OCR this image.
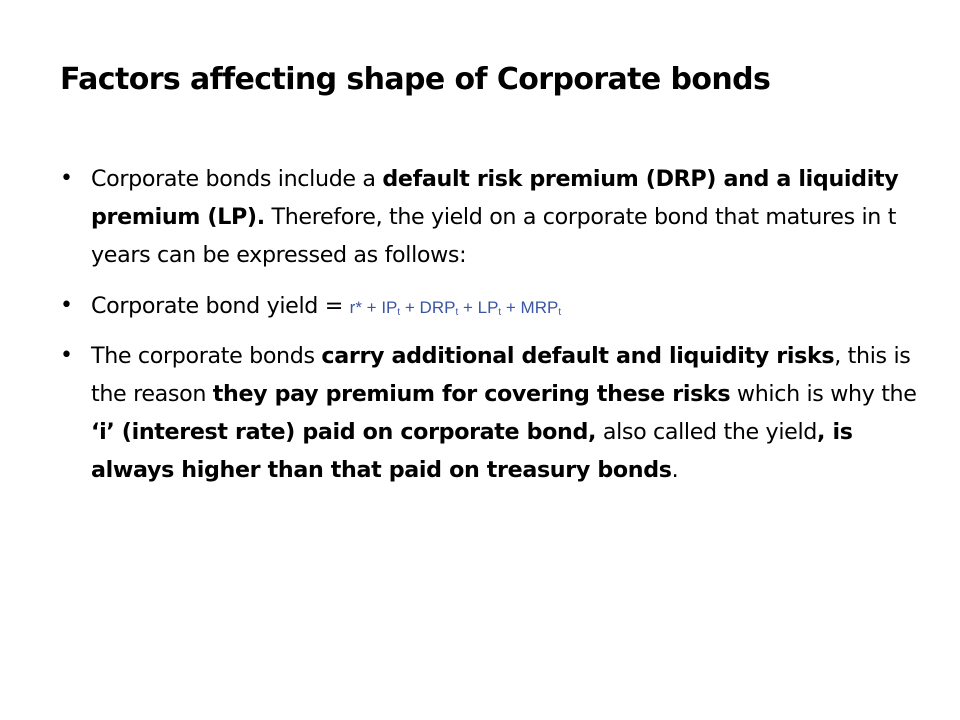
Factors affecting shape of Corporate bonds
• Corporate bonds include a default risk premium (DRP) and a liquidity premium (LP). Therefore, the yield on a corporate bond that matures in t years can be expressed as follows:
• Corporate bond yield = $r* + IP_t + DRP_t + LP_t + MRP_t$
• The corporate bonds carry additional default and liquidity risks, this is the reason they pay premium for covering these risks which is why the ‘i’ (interest rate) paid on corporate bond, also called the yield, is always higher than that paid on treasury bonds.
